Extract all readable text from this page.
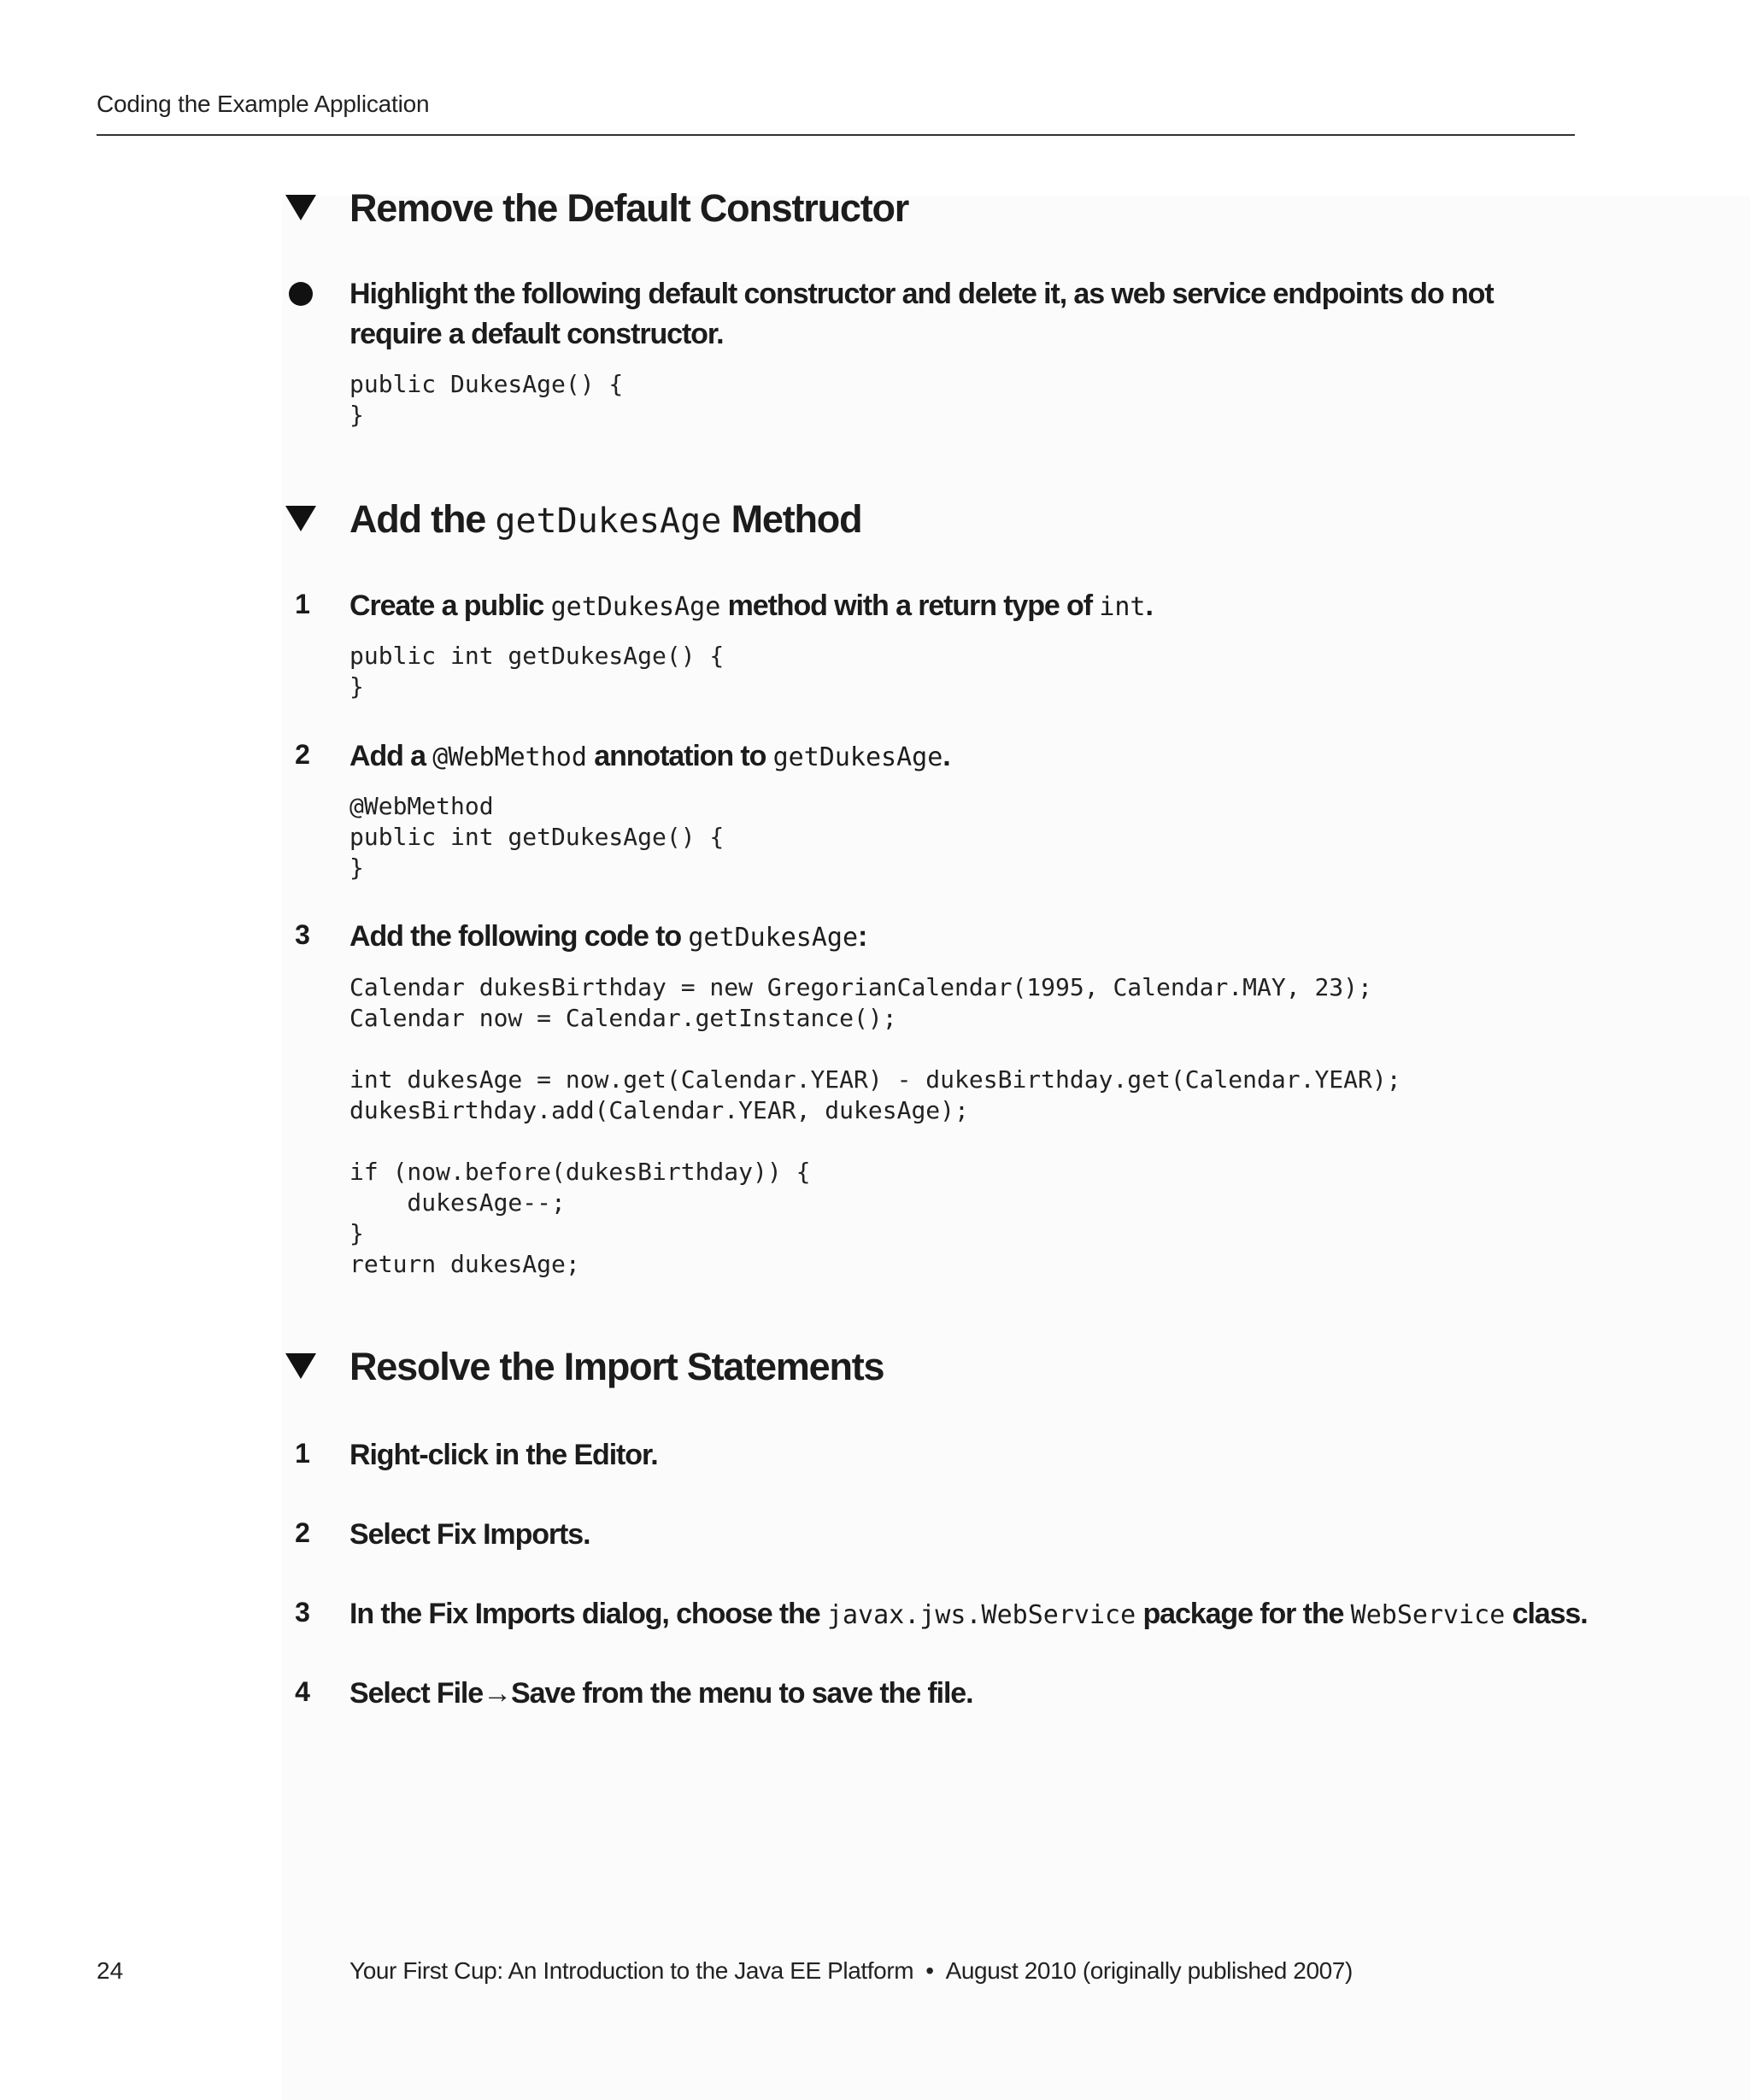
Coding the Example Application
Remove the Default Constructor
Highlight the following default constructor and delete it, as web service endpoints do not
require a default constructor.
public DukesAge() {
}
Add the getDukesAge Method
1 Create a public getDukesAge method with a return type of int.
public int getDukesAge() {
}
2 Add a @WebMethod annotation to getDukesAge.
@WebMethod
public int getDukesAge() {
}
3 Add the following code to getDukesAge:
Calendar dukesBirthday = new GregorianCalendar(1995, Calendar.MAY, 23);
Calendar now = Calendar.getInstance();

int dukesAge = now.get(Calendar.YEAR) - dukesBirthday.get(Calendar.YEAR);
dukesBirthday.add(Calendar.YEAR, dukesAge);

if (now.before(dukesBirthday)) {
dukesAge--;
}
return dukesAge;
Resolve the Import Statements
1 Right-click in the Editor.
2 Select Fix Imports.
3 In the Fix Imports dialog, choose the javax.jws.WebService package for the WebService class.
4 Select File→Save from the menu to save the file.
24	Your First Cup: An Introduction to the Java EE Platform • August 2010 (originally published 2007)
